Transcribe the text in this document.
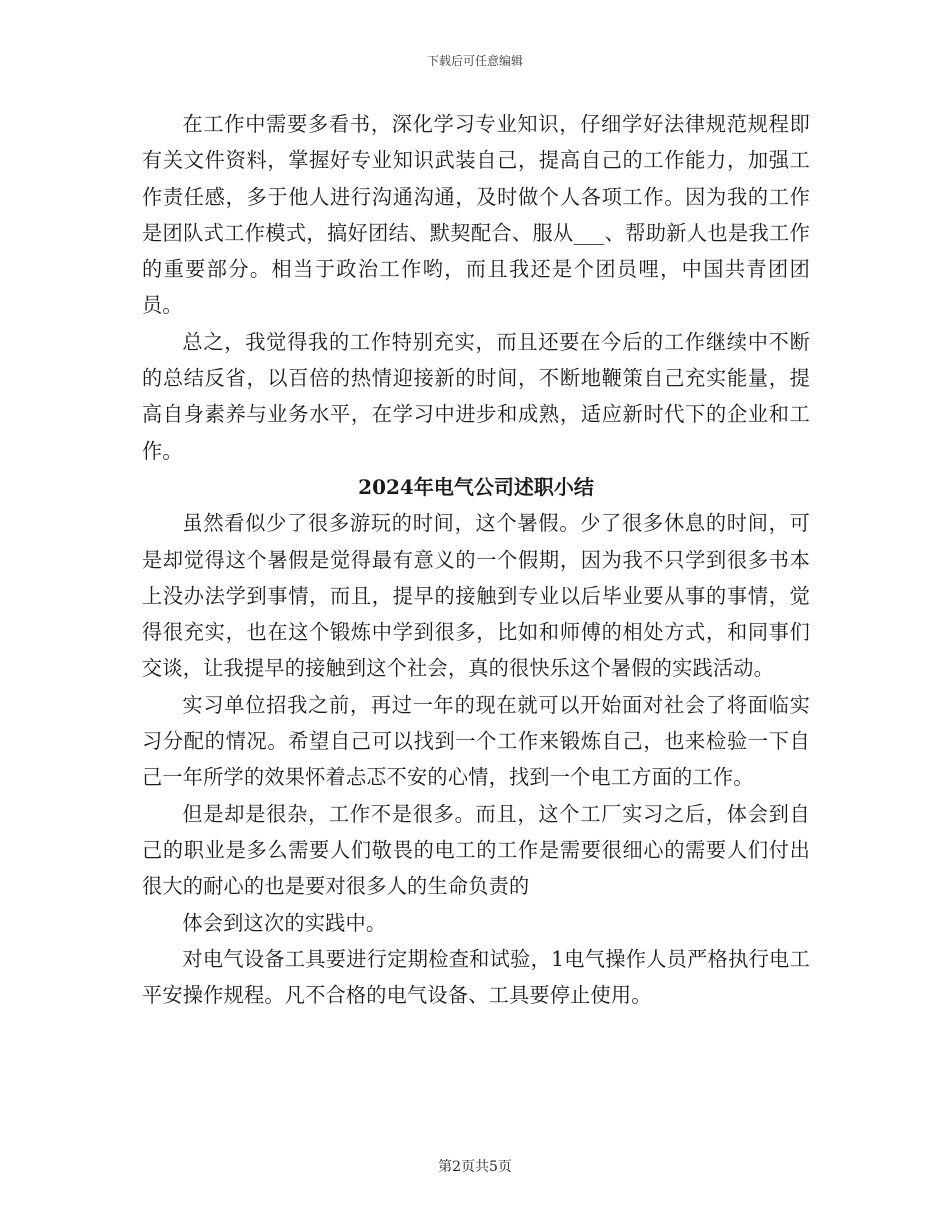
下载后可任意编辑

在工作中需要多看书，深化学习专业知识，仔细学好法律规范规程即有关文件资料，掌握好专业知识武装自己，提高自己的工作能力，加强工作责任感，多于他人进行沟通沟通，及时做个人各项工作。因为我的工作是团队式工作模式，搞好团结、默契配合、服从___、帮助新人也是我工作的重要部分。相当于政治工作哟，而且我还是个团员哩，中国共青团团员。

总之，我觉得我的工作特别充实，而且还要在今后的工作继续中不断的总结反省，以百倍的热情迎接新的时间，不断地鞭策自己充实能量，提高自身素养与业务水平，在学习中进步和成熟，适应新时代下的企业和工作。

2024年电气公司述职小结

虽然看似少了很多游玩的时间，这个暑假。少了很多休息的时间，可是却觉得这个暑假是觉得最有意义的一个假期，因为我不只学到很多书本上没办法学到事情，而且，提早的接触到专业以后毕业要从事的事情，觉得很充实，也在这个锻炼中学到很多，比如和师傅的相处方式，和同事们交谈，让我提早的接触到这个社会，真的很快乐这个暑假的实践活动。

实习单位招我之前，再过一年的现在就可以开始面对社会了将面临实习分配的情况。希望自己可以找到一个工作来锻炼自己，也来检验一下自己一年所学的效果怀着忐忑不安的心情，找到一个电工方面的工作。

但是却是很杂，工作不是很多。而且，这个工厂实习之后，体会到自己的职业是多么需要人们敬畏的电工的工作是需要很细心的需要人们付出很大的耐心的也是要对很多人的生命负责的

体会到这次的实践中。

对电气设备工具要进行定期检查和试验，1电气操作人员严格执行电工平安操作规程。凡不合格的电气设备、工具要停止使用。

第2页共5页
